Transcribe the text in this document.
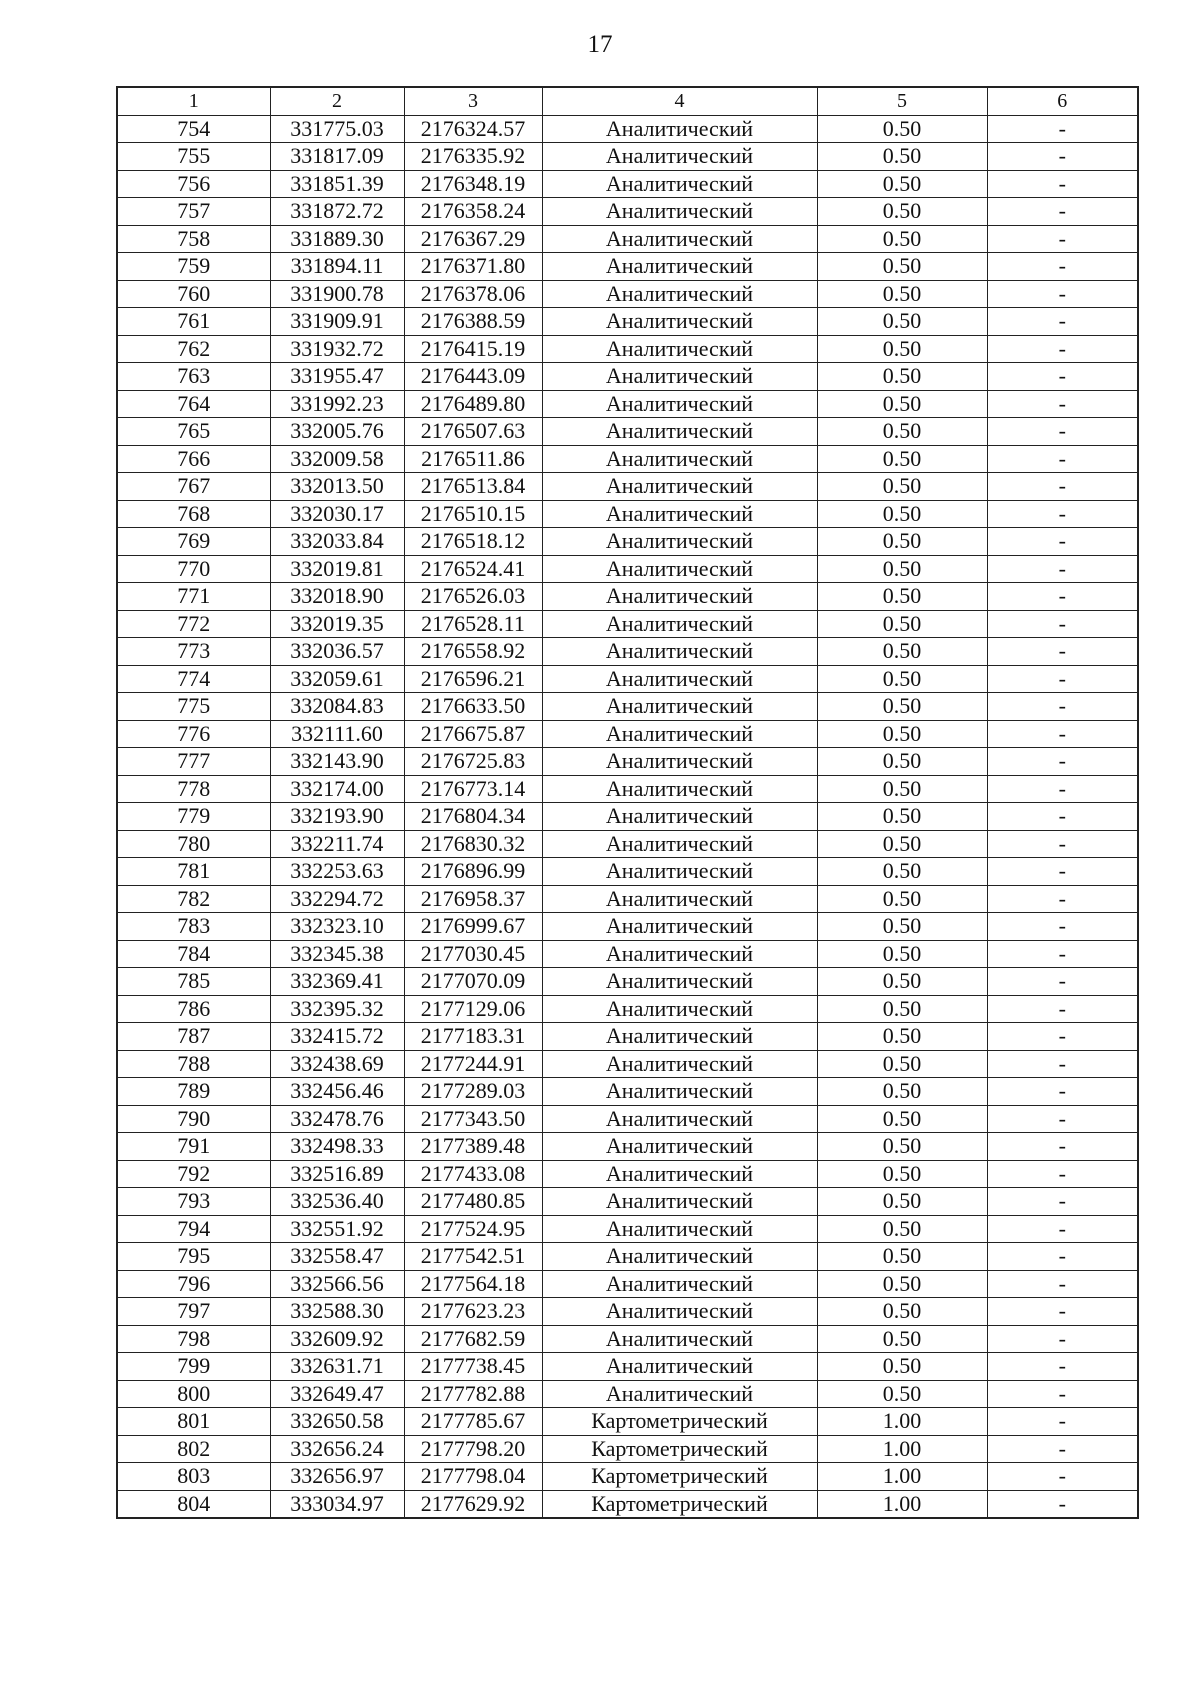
17
1	2	3	4	5	6
754	331775.03	2176324.57	Аналитический	0.50	-
755	331817.09	2176335.92	Аналитический	0.50	-
756	331851.39	2176348.19	Аналитический	0.50	-
757	331872.72	2176358.24	Аналитический	0.50	-
758	331889.30	2176367.29	Аналитический	0.50	-
759	331894.11	2176371.80	Аналитический	0.50	-
760	331900.78	2176378.06	Аналитический	0.50	-
761	331909.91	2176388.59	Аналитический	0.50	-
762	331932.72	2176415.19	Аналитический	0.50	-
763	331955.47	2176443.09	Аналитический	0.50	-
764	331992.23	2176489.80	Аналитический	0.50	-
765	332005.76	2176507.63	Аналитический	0.50	-
766	332009.58	2176511.86	Аналитический	0.50	-
767	332013.50	2176513.84	Аналитический	0.50	-
768	332030.17	2176510.15	Аналитический	0.50	-
769	332033.84	2176518.12	Аналитический	0.50	-
770	332019.81	2176524.41	Аналитический	0.50	-
771	332018.90	2176526.03	Аналитический	0.50	-
772	332019.35	2176528.11	Аналитический	0.50	-
773	332036.57	2176558.92	Аналитический	0.50	-
774	332059.61	2176596.21	Аналитический	0.50	-
775	332084.83	2176633.50	Аналитический	0.50	-
776	332111.60	2176675.87	Аналитический	0.50	-
777	332143.90	2176725.83	Аналитический	0.50	-
778	332174.00	2176773.14	Аналитический	0.50	-
779	332193.90	2176804.34	Аналитический	0.50	-
780	332211.74	2176830.32	Аналитический	0.50	-
781	332253.63	2176896.99	Аналитический	0.50	-
782	332294.72	2176958.37	Аналитический	0.50	-
783	332323.10	2176999.67	Аналитический	0.50	-
784	332345.38	2177030.45	Аналитический	0.50	-
785	332369.41	2177070.09	Аналитический	0.50	-
786	332395.32	2177129.06	Аналитический	0.50	-
787	332415.72	2177183.31	Аналитический	0.50	-
788	332438.69	2177244.91	Аналитический	0.50	-
789	332456.46	2177289.03	Аналитический	0.50	-
790	332478.76	2177343.50	Аналитический	0.50	-
791	332498.33	2177389.48	Аналитический	0.50	-
792	332516.89	2177433.08	Аналитический	0.50	-
793	332536.40	2177480.85	Аналитический	0.50	-
794	332551.92	2177524.95	Аналитический	0.50	-
795	332558.47	2177542.51	Аналитический	0.50	-
796	332566.56	2177564.18	Аналитический	0.50	-
797	332588.30	2177623.23	Аналитический	0.50	-
798	332609.92	2177682.59	Аналитический	0.50	-
799	332631.71	2177738.45	Аналитический	0.50	-
800	332649.47	2177782.88	Аналитический	0.50	-
801	332650.58	2177785.67	Картометрический	1.00	-
802	332656.24	2177798.20	Картометрический	1.00	-
803	332656.97	2177798.04	Картометрический	1.00	-
804	333034.97	2177629.92	Картометрический	1.00	-
